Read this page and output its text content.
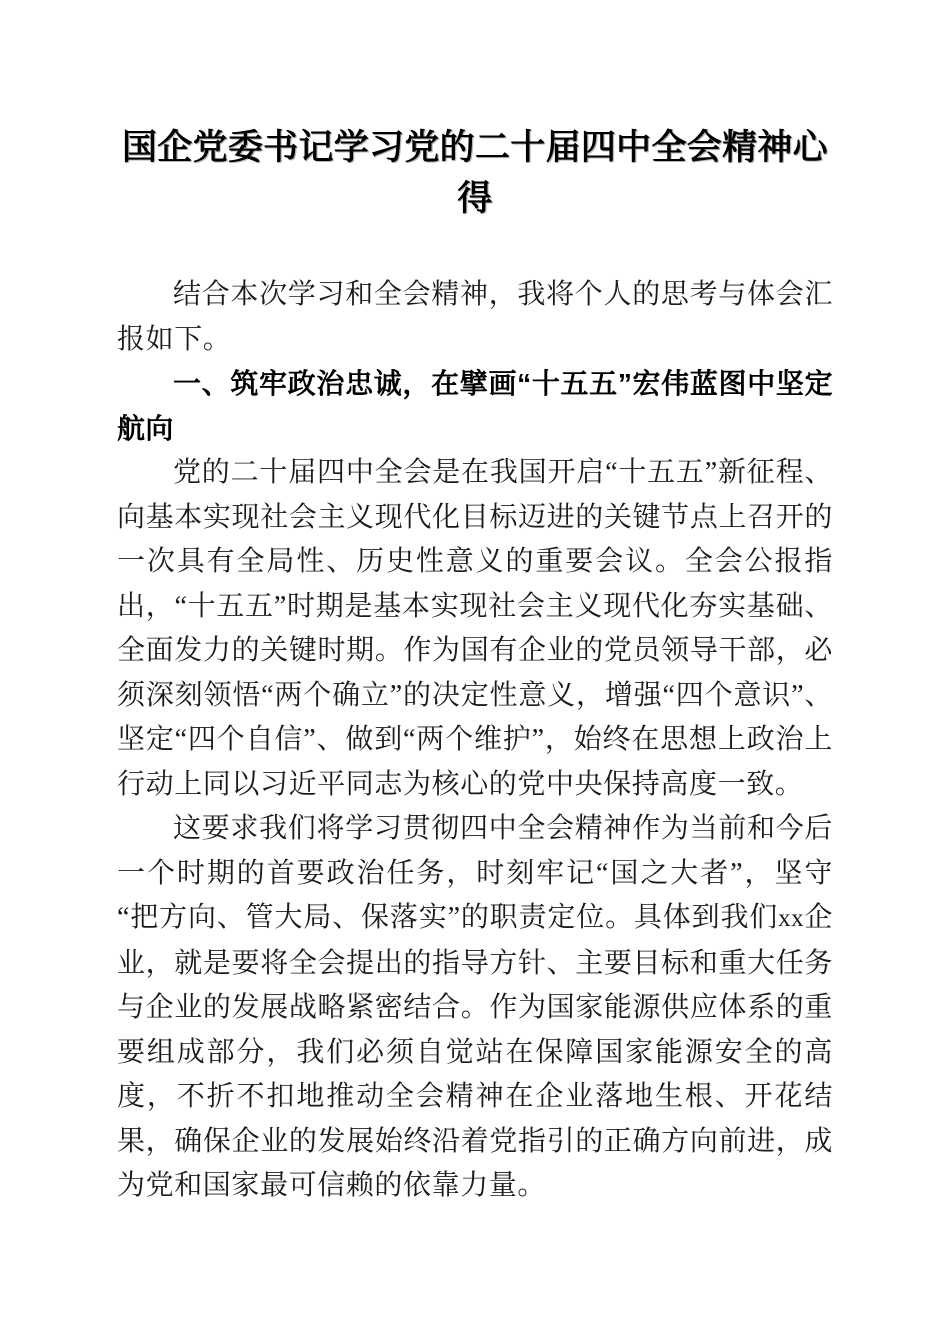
国企党委书记学习党的二十届四中全会精神心得

结合本次学习和全会精神，我将个人的思考与体会汇报如下。

一、筑牢政治忠诚，在擘画“十五五”宏伟蓝图中坚定航向

党的二十届四中全会是在我国开启“十五五”新征程、向基本实现社会主义现代化目标迈进的关键节点上召开的一次具有全局性、历史性意义的重要会议。全会公报指出，“十五五”时期是基本实现社会主义现代化夯实基础、全面发力的关键时期。作为国有企业的党员领导干部，必须深刻领悟“两个确立”的决定性意义，增强“四个意识”、坚定“四个自信”、做到“两个维护”，始终在思想上政治上行动上同以习近平同志为核心的党中央保持高度一致。

这要求我们将学习贯彻四中全会精神作为当前和今后一个时期的首要政治任务，时刻牢记“国之大者”，坚守“把方向、管大局、保落实”的职责定位。具体到我们xx企业，就是要将全会提出的指导方针、主要目标和重大任务与企业的发展战略紧密结合。作为国家能源供应体系的重要组成部分，我们必须自觉站在保障国家能源安全的高度，不折不扣地推动全会精神在企业落地生根、开花结果，确保企业的发展始终沿着党指引的正确方向前进，成为党和国家最可信赖的依靠力量。
